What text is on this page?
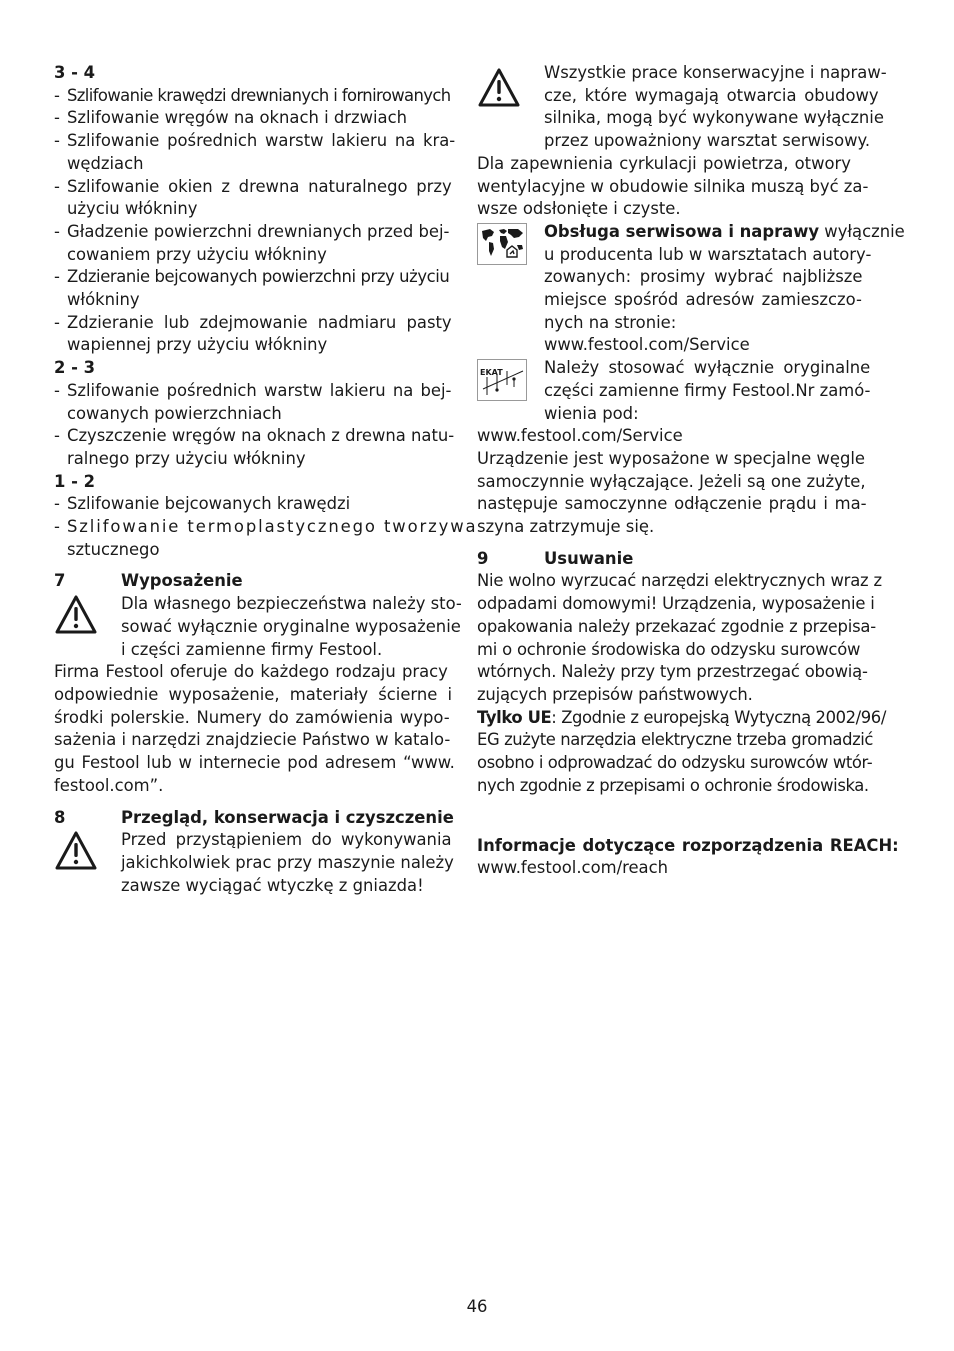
3 - 4
- Szlifowanie krawędzi drewnianych i fornirowanych
- Szlifowanie wręgów na oknach i drzwiach
- Szlifowanie pośrednich warstw lakieru na kra-
wędziach
- Szlifowanie okien z drewna naturalnego przy
użyciu włókniny
- Gładzenie powierzchni drewnianych przed bej-
cowaniem przy użyciu włókniny
- Zdzieranie bejcowanych powierzchni przy użyciu
włókniny
- Zdzieranie lub zdejmowanie nadmiaru pasty
wapiennej przy użyciu włókniny
2 - 3
- Szlifowanie pośrednich warstw lakieru na bej-
cowanych powierzchniach
- Czyszczenie wręgów na oknach z drewna natu-
ralnego przy użyciu włókniny
1 - 2
- Szlifowanie bejcowanych krawędzi
- Szlifowanie termoplastycznego tworzywa
sztucznego
7	Wyposażenie
Dla własnego bezpieczeństwa należy sto-
sować wyłącznie oryginalne wyposażenie
i części zamienne firmy Festool.
Firma Festool oferuje do każdego rodzaju pracy
odpowiednie wyposażenie, materiały ścierne i
środki polerskie. Numery do zamówienia wypo-
sażenia i narzędzi znajdziecie Państwo w katalo-
gu Festool lub w internecie pod adresem “www.
festool.com”.
8	Przegląd, konserwacja i czyszczenie
Przed przystąpieniem do wykonywania
jakichkolwiek prac przy maszynie należy
zawsze wyciągać wtyczkę z gniazda!
Wszystkie prace konserwacyjne i napraw-
cze, które wymagają otwarcia obudowy
silnika, mogą być wykonywane wyłącznie
przez upoważniony warsztat serwisowy.
Dla zapewnienia cyrkulacji powietrza, otwory
wentylacyjne w obudowie silnika muszą być za-
wsze odsłonięte i czyste.
Obsługa serwisowa i naprawy wyłącznie
u producenta lub w warsztatach autory-
zowanych: prosimy wybrać najbliższe
miejsce spośród adresów zamieszczo-
nych na stronie:
www.festool.com/Service
EKAT	Należy stosować wyłącznie oryginalne
części zamienne firmy Festool.Nr zamó-
wienia pod:
www.festool.com/Service
Urządzenie jest wyposażone w specjalne węgle
samoczynnie wyłączające. Jeżeli są one zużyte,
następuje samoczynne odłączenie prądu i ma-
szyna zatrzymuje się.
9	Usuwanie
Nie wolno wyrzucać narzędzi elektrycznych wraz z
odpadami domowymi! Urządzenia, wyposażenie i
opakowania należy przekazać zgodnie z przepisa-
mi o ochronie środowiska do odzysku surowców
wtórnych. Należy przy tym przestrzegać obowią-
zujących przepisów państwowych.
Tylko UE: Zgodnie z europejską Wytyczną 2002/96/
EG zużyte narzędzia elektryczne trzeba gromadzić
osobno i odprowadzać do odzysku surowców wtór-
nych zgodnie z przepisami o ochronie środowiska.
Informacje dotyczące rozporządzenia REACH:
www.festool.com/reach
46
